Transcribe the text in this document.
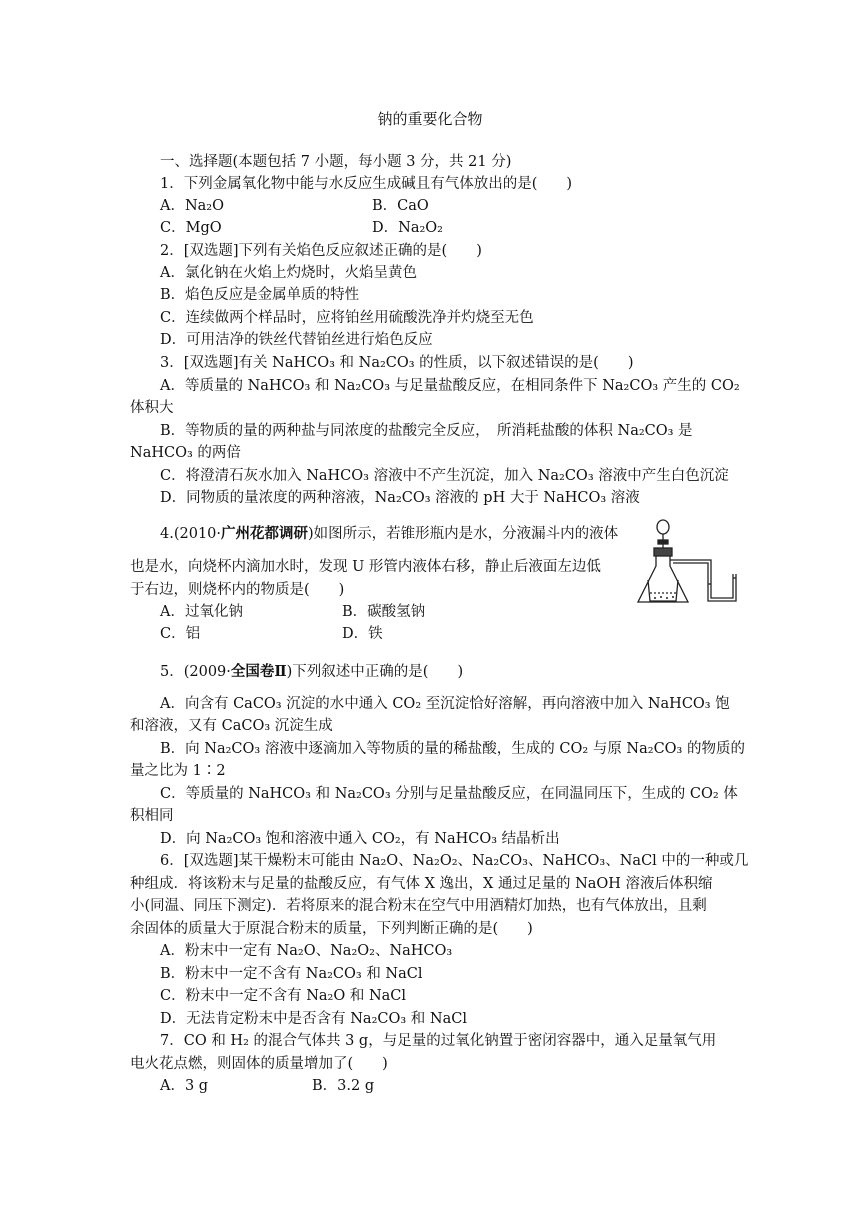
钠的重要化合物
一、选择题(本题包括 7 小题，每小题 3 分，共 21 分)
1．下列金属氧化物中能与水反应生成碱且有气体放出的是(　　)
A．Na₂O	B．CaO
C．MgO	D．Na₂O₂
2．[双选题]下列有关焰色反应叙述正确的是(　　)
A．氯化钠在火焰上灼烧时，火焰呈黄色
B．焰色反应是金属单质的特性
C．连续做两个样品时，应将铂丝用硫酸洗净并灼烧至无色
D．可用洁净的铁丝代替铂丝进行焰色反应
3．[双选题]有关 NaHCO₃ 和 Na₂CO₃ 的性质，以下叙述错误的是(　　)
A．等质量的 NaHCO₃ 和 Na₂CO₃ 与足量盐酸反应，在相同条件下 Na₂CO₃ 产生的 CO₂
体积大
B．等物质的量的两种盐与同浓度的盐酸完全反应，　所消耗盐酸的体积 Na₂CO₃ 是
NaHCO₃ 的两倍
C．将澄清石灰水加入 NaHCO₃ 溶液中不产生沉淀，加入 Na₂CO₃ 溶液中产生白色沉淀
D．同物质的量浓度的两种溶液，Na₂CO₃ 溶液的 pH 大于 NaHCO₃ 溶液
4.(2010·广州花都调研)如图所示，若锥形瓶内是水，分液漏斗内的液体
也是水，向烧杯内滴加水时，发现 U 形管内液体右移，静止后液面左边低
于右边，则烧杯内的物质是(　　)
A．过氧化钠	B．碳酸氢钠
C．铝	D．铁
5．(2009·全国卷Ⅱ)下列叙述中正确的是(　　)
A．向含有 CaCO₃ 沉淀的水中通入 CO₂ 至沉淀恰好溶解，再向溶液中加入 NaHCO₃ 饱
和溶液，又有 CaCO₃ 沉淀生成
B．向 Na₂CO₃ 溶液中逐滴加入等物质的量的稀盐酸，生成的 CO₂ 与原 Na₂CO₃ 的物质的
量之比为 1∶2
C．等质量的 NaHCO₃ 和 Na₂CO₃ 分别与足量盐酸反应，在同温同压下，生成的 CO₂ 体
积相同
D．向 Na₂CO₃ 饱和溶液中通入 CO₂，有 NaHCO₃ 结晶析出
6．[双选题]某干燥粉末可能由 Na₂O、Na₂O₂、Na₂CO₃、NaHCO₃、NaCl 中的一种或几
种组成．将该粉末与足量的盐酸反应，有气体 X 逸出，X 通过足量的 NaOH 溶液后体积缩
小(同温、同压下测定)．若将原来的混合粉末在空气中用酒精灯加热，也有气体放出，且剩
余固体的质量大于原混合粉末的质量，下列判断正确的是(　　)
A．粉末中一定有 Na₂O、Na₂O₂、NaHCO₃
B．粉末中一定不含有 Na₂CO₃ 和 NaCl
C．粉末中一定不含有 Na₂O 和 NaCl
D．无法肯定粉末中是否含有 Na₂CO₃ 和 NaCl
7．CO 和 H₂ 的混合气体共 3 g，与足量的过氧化钠置于密闭容器中，通入足量氧气用
电火花点燃，则固体的质量增加了(　　)
A．3 g	B．3.2 g
